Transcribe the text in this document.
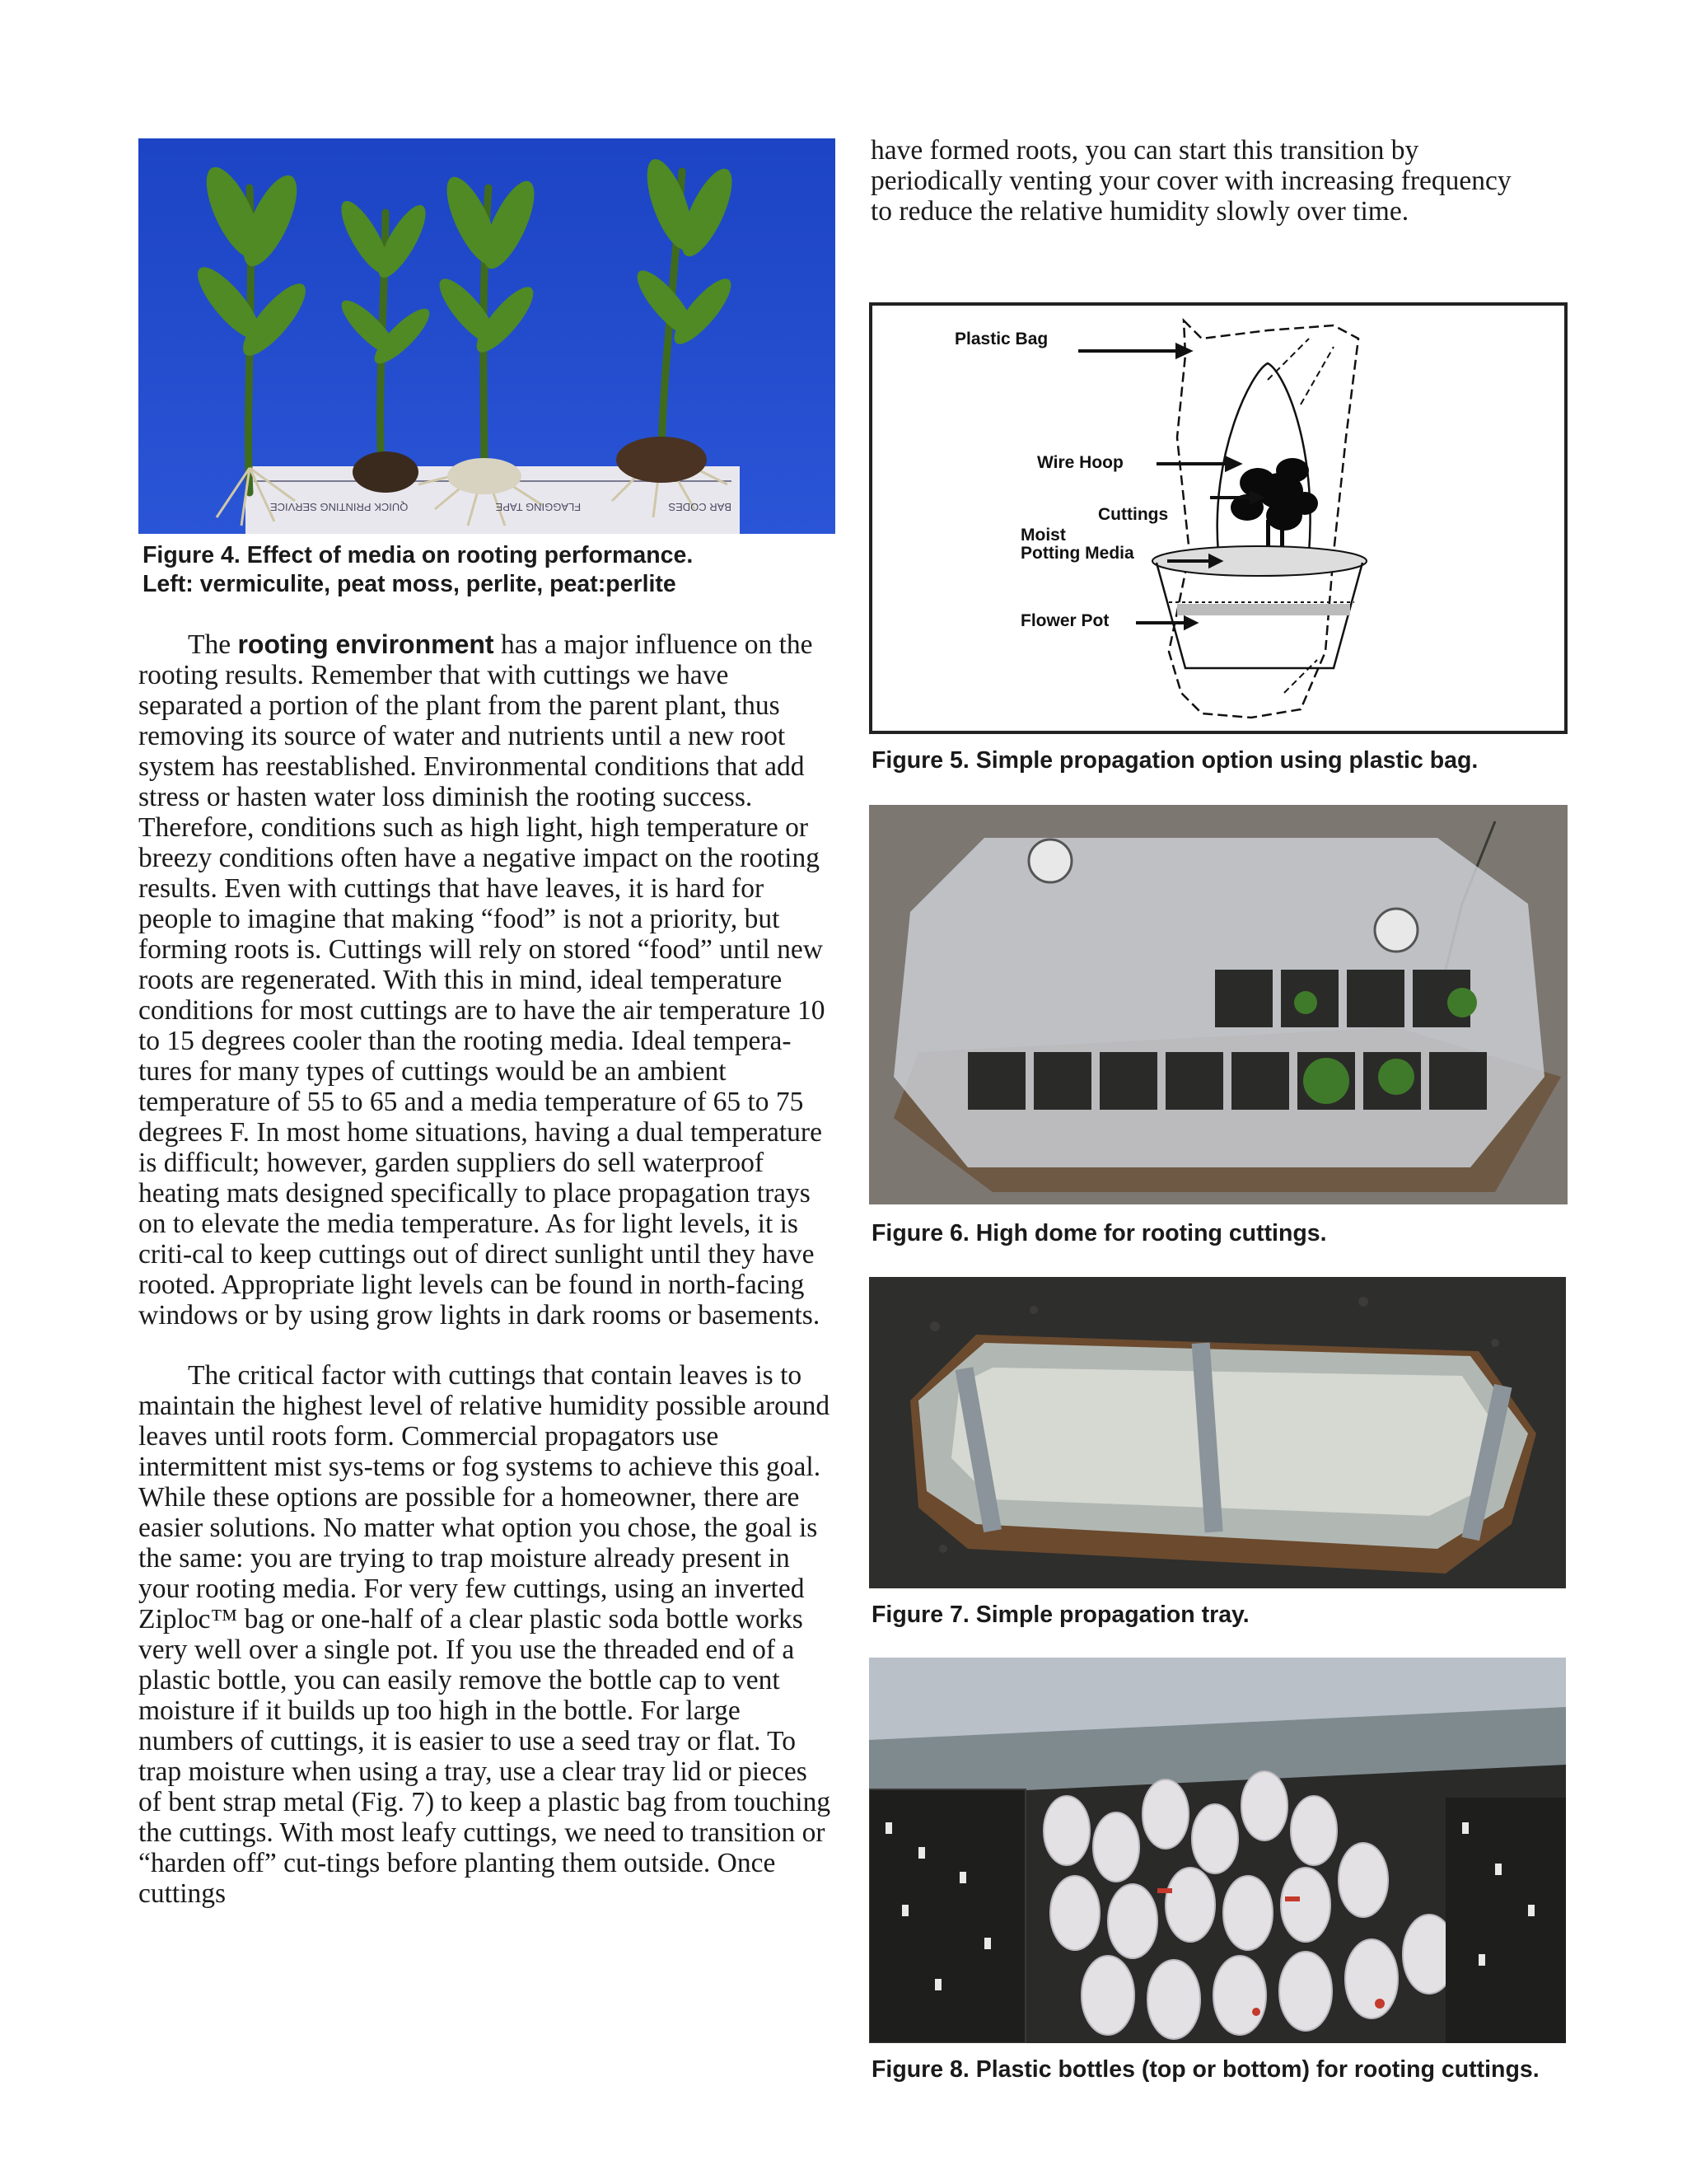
BAR CODES
FLAGGING TAPE
QUICK PRINTING SERVICE

Figure 4. Effect of media on rooting performance.

Left: vermiculite, peat moss, perlite, peat:perlite

The rooting environment has a major influence on the rooting results. Remember that with cuttings we have separated a portion of the plant from the parent plant, thus removing its source of water and nutrients until a new root system has reestablished. Environmental conditions that add stress or hasten water loss diminish the rooting success. Therefore, conditions such as high light, high temperature or breezy conditions often have a negative impact on the rooting results. Even with cuttings that have leaves, it is hard for people to imagine that making “food” is not a priority, but forming roots is. Cuttings will rely on stored “food” until new roots are regenerated. With this in mind, ideal temperature conditions for most cuttings are to have the air temperature 10 to 15 degrees cooler than the rooting media. Ideal tempera-tures for many types of cuttings would be an ambient temperature of 55 to 65 and a media temperature of 65 to 75 degrees F. In most home situations, having a dual temperature is difficult; however, garden suppliers do sell waterproof heating mats designed specifically to place propagation trays on to elevate the media temperature. As for light levels, it is criti-cal to keep cuttings out of direct sunlight until they have rooted. Appropriate light levels can be found in north-facing windows or by using grow lights in dark rooms or basements.

The critical factor with cuttings that contain leaves is to maintain the highest level of relative humidity possible around leaves until roots form. Commercial propagators use intermittent mist sys-tems or fog systems to achieve this goal. While these options are possible for a homeowner, there are easier solutions. No matter what option you chose, the goal is the same: you are trying to trap moisture already present in your rooting media. For very few cuttings, using an inverted Ziploc™ bag or one-half of a clear plastic soda bottle works very well over a single pot. If you use the threaded end of a plastic bottle, you can easily remove the bottle cap to vent moisture if it builds up too high in the bottle. For large numbers of cuttings, it is easier to use a seed tray or flat. To trap moisture when using a tray, use a clear tray lid or pieces of bent strap metal (Fig. 7) to keep a plastic bag from touching the cuttings. With most leafy cuttings, we need to transition or “harden off” cut-tings before planting them outside. Once cuttings

have formed roots, you can start this transition by periodically venting your cover with increasing frequency to reduce the relative humidity slowly over time.

Plastic Bag
Wire Hoop
Cuttings
Moist
Potting Media
Flower Pot

Figure 5. Simple propagation option using plastic bag.

Figure 6. High dome for rooting cuttings.

Figure 7. Simple propagation tray.

Figure 8. Plastic bottles (top or bottom) for rooting cuttings.
